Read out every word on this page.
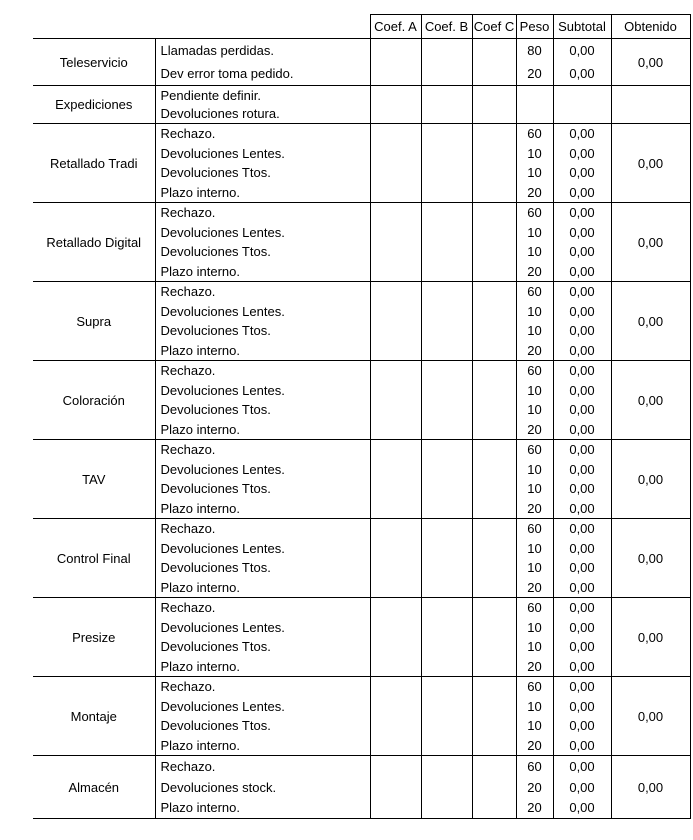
		Coef. A	Coef. B	Coef C	Peso	Subtotal	Obtenido
Teleservicio	Llamadas perdidas.				80	0,00	0,00
	Dev error toma pedido.				20	0,00	
Expediciones	Pendiente definir.						
	Devoluciones rotura.						
Retallado Tradi	Rechazo.				60	0,00	0,00
	Devoluciones Lentes.				10	0,00	
	Devoluciones Ttos.				10	0,00	
	Plazo interno.				20	0,00	
Retallado Digital	Rechazo.				60	0,00	0,00
	Devoluciones Lentes.				10	0,00	
	Devoluciones Ttos.				10	0,00	
	Plazo interno.				20	0,00	
Supra	Rechazo.				60	0,00	0,00
	Devoluciones Lentes.				10	0,00	
	Devoluciones Ttos.				10	0,00	
	Plazo interno.				20	0,00	
Coloración	Rechazo.				60	0,00	0,00
	Devoluciones Lentes.				10	0,00	
	Devoluciones Ttos.				10	0,00	
	Plazo interno.				20	0,00	
TAV	Rechazo.				60	0,00	0,00
	Devoluciones Lentes.				10	0,00	
	Devoluciones Ttos.				10	0,00	
	Plazo interno.				20	0,00	
Control Final	Rechazo.				60	0,00	0,00
	Devoluciones Lentes.				10	0,00	
	Devoluciones Ttos.				10	0,00	
	Plazo interno.				20	0,00	
Presize	Rechazo.				60	0,00	0,00
	Devoluciones Lentes.				10	0,00	
	Devoluciones Ttos.				10	0,00	
	Plazo interno.				20	0,00	
Montaje	Rechazo.				60	0,00	0,00
	Devoluciones Lentes.				10	0,00	
	Devoluciones Ttos.				10	0,00	
	Plazo interno.				20	0,00	
Almacén	Rechazo.				60	0,00	0,00
	Devoluciones stock.				20	0,00	
	Plazo interno.				20	0,00	
